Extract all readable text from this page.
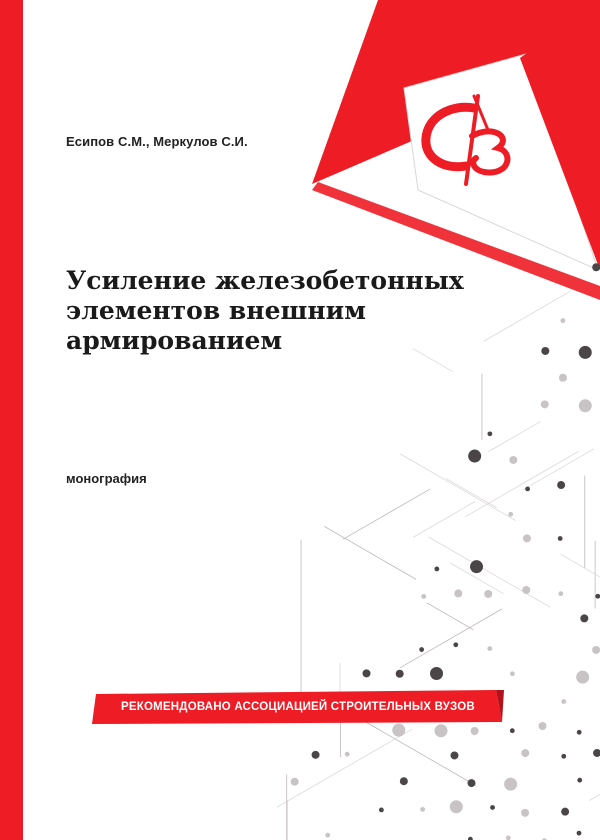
Есипов С.М., Меркулов С.И.
Усиление железобетонных
элементов внешним
армированием
монография
РЕКОМЕНДОВАНО АССОЦИАЦИЕЙ СТРОИТЕЛЬНЫХ ВУЗОВ
